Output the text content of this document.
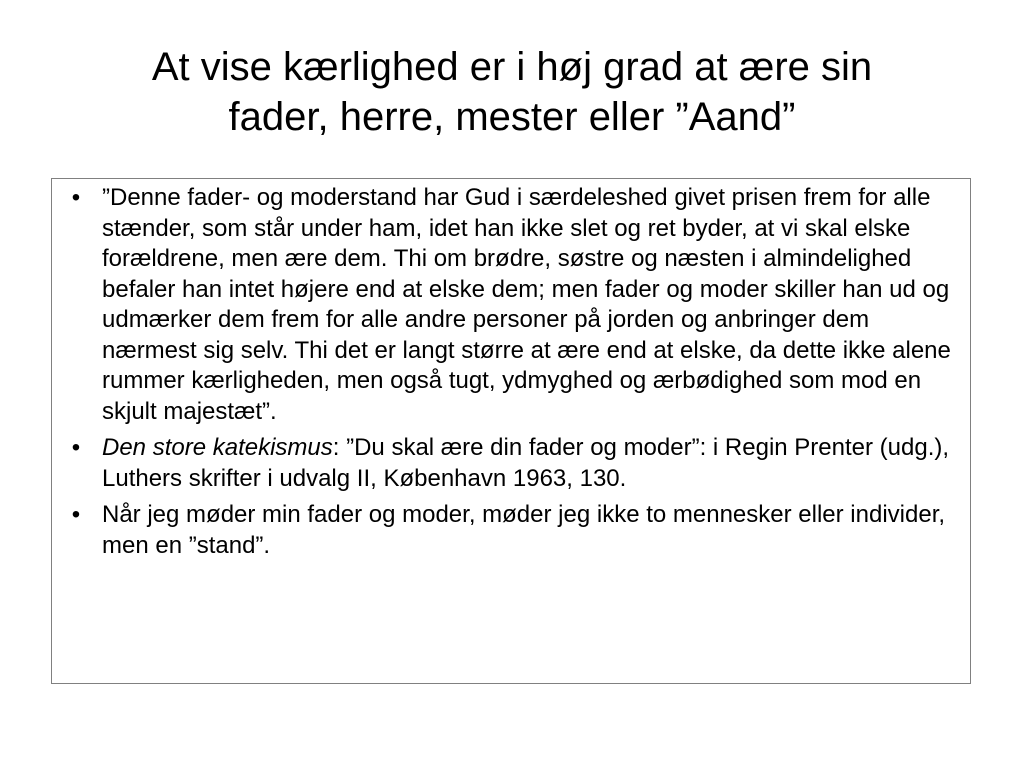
At vise kærlighed er i høj grad at ære sin
fader, herre, mester eller ”Aand”
• ”Denne fader- og moderstand har Gud i særdeleshed givet prisen frem for alle stænder, som står under ham, idet han ikke slet og ret byder, at vi skal elske forældrene, men ære dem. Thi om brødre, søstre og næsten i almindelighed befaler han intet højere end at elske dem; men fader og moder skiller han ud og udmærker dem frem for alle andre personer på jorden og anbringer dem nærmest sig selv. Thi det er langt større at ære end at elske, da dette ikke alene rummer kærligheden, men også tugt, ydmyghed og ærbødighed som mod en skjult majestæt”.
• Den store katekismus: ”Du skal ære din fader og moder”: i Regin Prenter (udg.), Luthers skrifter i udvalg II, København 1963, 130.
• Når jeg møder min fader og moder, møder jeg ikke to mennesker eller individer, men en ”stand”.
